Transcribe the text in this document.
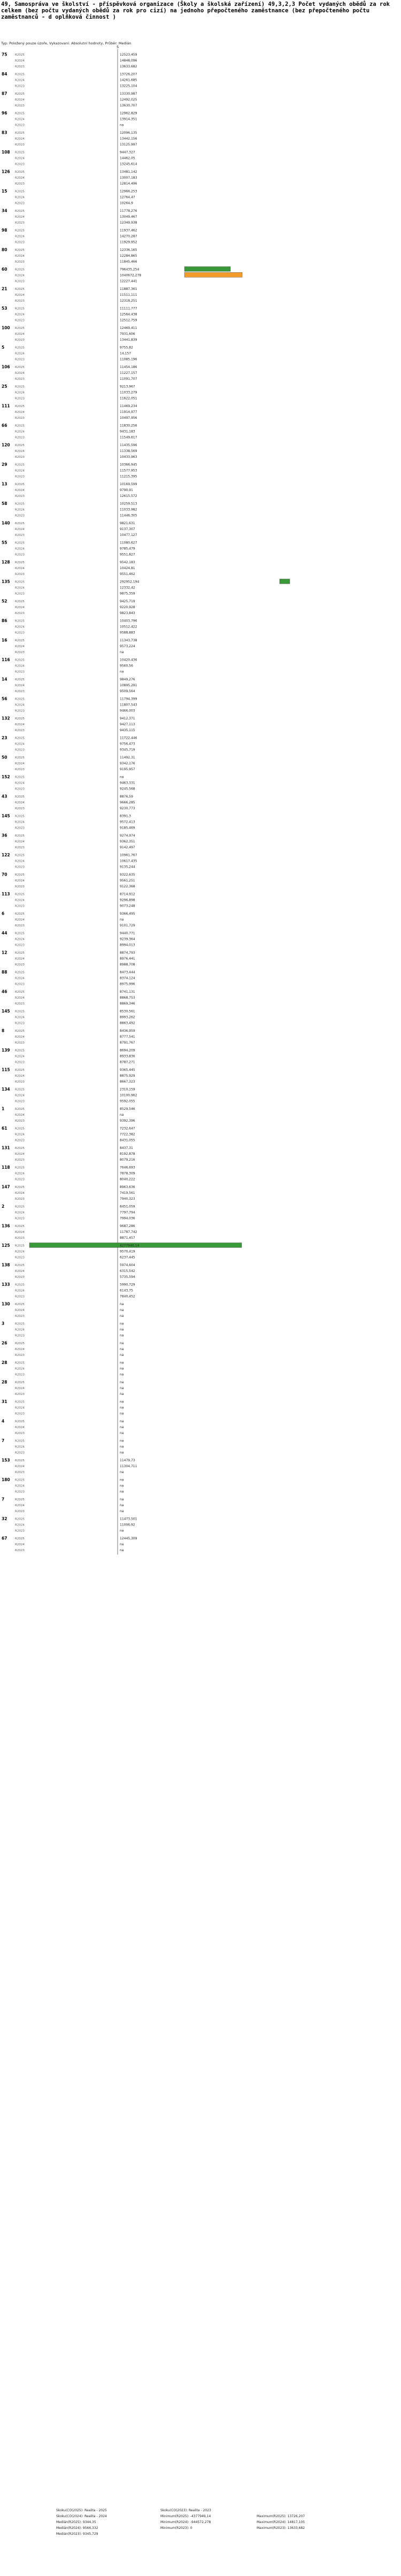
49, Samospráva ve školství - příspěvková organizace (Školy a školská zařízení) 49,3,2,3 Počet vydaných obědů za rok celkem (bez počtu vydaných obědů za rok pro cizí) na jednoho přepočteného zaměstnance (bez přepočteného počtu zaměstnanců - d oplňková činnost )
Typ: Položený pouze úzoře, Vykazovaní: Absolutní hodnoty, Průběr: Medián
5
75	R2025	12523,459
R2024	14848,096
R2023	13633,682
84	R2025	13726,207
R2024	14261,685
R2023	13225,104
87	R2025	13330,987
R2024	12492,025
R2023	13630,707
96	R2025	12962,829
R2024	13914,351
R2023	na
83	R2025	12096,135
R2024	13442,156
R2023	13125,997
108 R2025	9447,327
R2024	14462,05
R2023	13245,614
126 R2025	13481,142
R2024	13007,183
R2023	12814,496
15	R2025	12966,253
R2024	12764,47
R2023	10264,9
34	R2025	11778,276
R2024	13049,467
R2023	12349,938
98	R2025	11937,462
R2024	14270,287
R2023	11929,952
80	R2025	12336,165
R2024	12284,865
R2023	11845,466
60	R2025	796435,254
R2024	1040672,278
R2023	12227,441
21	R2025	11887,361
R2024	11511,111
R2023	12318,251
53	R2025	11111,777
R2024	12564,438
R2023	12512,759
100 R2025	12469,411
R2024	7931,606
R2023	13441,839
5	R2025	9755,82
R2024	14,157
R2023	11085,196
106 R2025	11454,186
R2024	11227,157
R2023	11091,707
25	R2025	9213,967
R2024	11033,279
R2023	11622,051
111 R2025	11469,234
R2024	11914,977
R2023	10497,956
66	R2025	11830,256
R2024	9431,183
R2023	11549,617
120 R2025	11435,596
R2024	11338,569
R2023	10433,963
29	R2025	10366,945
R2024	11577,953
R2023	11215,395
13	R2025	10169,599
R2024	9790,91
R2023	12615,572
58	R2025	10259,513
R2024	11033,982
R2023	11446,305
140 R2025	9821,631
R2024	9137,307
R2023	10477,127
55	R2025	11080,627
R2024	9785,479
R2023	9551,827
128 R2025	9542,183
R2024	10424,81
R2023	9551,462
135 R2025	292952,194
R2024	12332,42
R2023	9875,359
52	R2025	9425,719
R2024	9220,928
R2023	9823,843
86	R2025	10403,796
R2024	10512,422
R2023	9588,883
16	R2025	11343,738
R2024	9573,224
R2023	na
116 R2025	10420,436
R2024	9560,56
R2023	na
14	R2025	9849,276
R2024	10895,291
R2023	9509,564
56	R2025	11794,399
R2024	11807,543
R2023	9466,003
132 R2025	9412,371
R2024	9427,113
R2023	9435,115
23	R2025	11722,446
R2024	9756,473
R2023	9345,719
50	R2025	11492,31
R2024	9342,176
R2023	9195,957
152 R2025	na
R2024	9463,331
R2023	9245,568
43	R2025	8876,59
R2024	9666,285
R2023	9230,773
145 R2025	8391,3
R2024	9572,413
R2023	9185,469
36	R2025	9274,974
R2024	9362,351
R2023	9142,497
122 R2025	10961,767
R2024	10617,435
R2023	9135,244
70	R2025	9322,635
R2024	9561,251
R2023	9122,368
113 R2025	8714,912
R2024	9296,898
R2023	9073,248
6	R2025	9366,495
R2024	na
R2023	9101,729
44	R2025	9440,771
R2024	9239,364
R2023	8994,013
12	R2025	8874,793
R2024	8976,441
R2023	8988,708
88	R2025	8473,444
R2024	8374,124
R2023	8975,996
46	R2025	8741,131
R2024	8868,753
R2023	8869,346
145 R2025	8530,561
R2024	8993,262
R2023	8863,492
8	R2025	8436,959
R2024	8777,541
R2023	8791,767
139 R2025	8694,209
R2024	8933,836
R2023	8787,271
115 R2025	9365,445
R2024	8875,929
R2023	8667,323
134 R2025	2310,159
R2024	10100,962
R2023	9592,055
1	R2025	8529,546
R2024	na
R2023	9392,396
61	R2025	7232,647
R2024	7722,382
R2023	8431,055
131 R2025	8437,31
R2024	8192,878
R2023	8079,216
118 R2025	7646,693
R2024	7878,309
R2023	8040,222
147 R2025	8963,636
R2024	7419,561
R2023	7940,323
2	R2025	8451,059
R2024	7797,794
R2023	7994,036
136 R2025	9687,286
R2024	11787,742
R2023	8871,457
125 R2025	4277940,14
R2024	9570,419
R2023	6237,445
138 R2025	5974,604
R2024	6315,542
R2023	5735,594
133 R2025	5990,729
R2024	6143,75
R2023	7840,452
130 R2025	na
R2024	na
R2023	na
3	R2025	na
R2024	na
R2023	na
26	R2025	na
R2024	na
R2023	na
28	R2025	na
R2024	na
R2023	na
28	R2025	na
R2024	na
R2023	na
31	R2025	na
R2024	na
R2023	na
4	R2025	na
R2024	na
R2023	na
7	R2025	na
R2024	na
R2023	na
153 R2025	11479,73
R2024	11304,711
R2023	na
180 R2025	na
R2024	na
R2023	na
7	R2025	na
R2024	na
R2023	na
32	R2025	11473,501
R2024	11006,92
R2023	na
67	R2025	12445,309
R2024	na
R2023	na
Skoku(CO(2025): Realita - 2025
Skoku(CO(2024): Realita - 2024
Medián(R2025): 9344,35
Medián(R2024): 9566,332
Medián(R2023): 9345,729
Skoku(CO(2023): Realita - 2023
Minimum(R2025): -4377949,14
Minimum(R2024): -944572,278
Minimum(R2023): 0
Maximum(R2025): 13726,207
Maximum(R2024): 14817,105
Maximum(R2023): 13633,682
